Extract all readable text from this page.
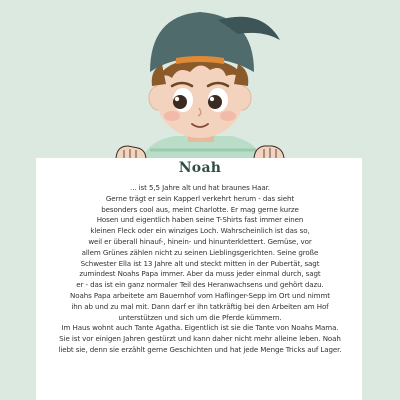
Noah
... ist 5,5 Jahre alt und hat braunes Haar.
Gerne trägt er sein Kapperl verkehrt herum - das sieht
besonders cool aus, meint Charlotte. Er mag gerne kurze
Hosen und eigentlich haben seine T-Shirts fast immer einen
kleinen Fleck oder ein winziges Loch. Wahrscheinlich ist das so,
weil er überall hinauf-, hinein- und hinunterklettert. Gemüse, vor
allem Grünes zählen nicht zu seinen Lieblingsgerichten. Seine große
Schwester Ella ist 13 Jahre alt und steckt mitten in der Pubertät, sagt
zumindest Noahs Papa immer. Aber da muss jeder einmal durch, sagt
er - das ist ein ganz normaler Teil des Heranwachsens und gehört dazu.
Noahs Papa arbeitete am Bauernhof vom Haflinger-Sepp im Ort und nimmt
ihn ab und zu mal mit. Dann darf er ihn tatkräftig bei den Arbeiten am Hof
unterstützen und sich um die Pferde kümmern.
Im Haus wohnt auch Tante Agatha. Eigentlich ist sie die Tante von Noahs Mama.
Sie ist vor einigen Jahren gestürzt und kann daher nicht mehr alleine leben. Noah
liebt sie, denn sie erzählt gerne Geschichten und hat jede Menge Tricks auf Lager.
